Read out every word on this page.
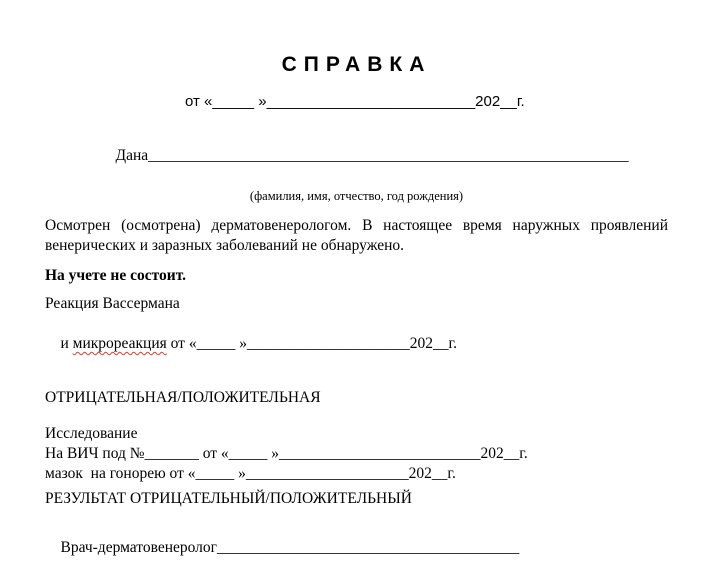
СПРАВКА
от «_____ »_________________________202__г.

Дана______________________________________________________________

(фамилия, имя, отчество, год рождения)
Осмотрен (осмотрена) дерматовенерологом. В настоящее время наружных проявлений
венерических и заразных заболеваний не обнаружено.
На учете не состоит.
Реакция Вассермана

и микрореакция от «_____ »_____________________202__г.

ОТРИЦАТЕЛЬНАЯ/ПОЛОЖИТЕЛЬНАЯ
Исследование
На ВИЧ под №_______ от «_____ »__________________________202__г.
мазок  на гонорею от «_____ »_____________________202__г.
РЕЗУЛЬТАТ ОТРИЦАТЕЛЬНЫЙ/ПОЛОЖИТЕЛЬНЫЙ

Врач-дерматовенеролог_______________________________________
